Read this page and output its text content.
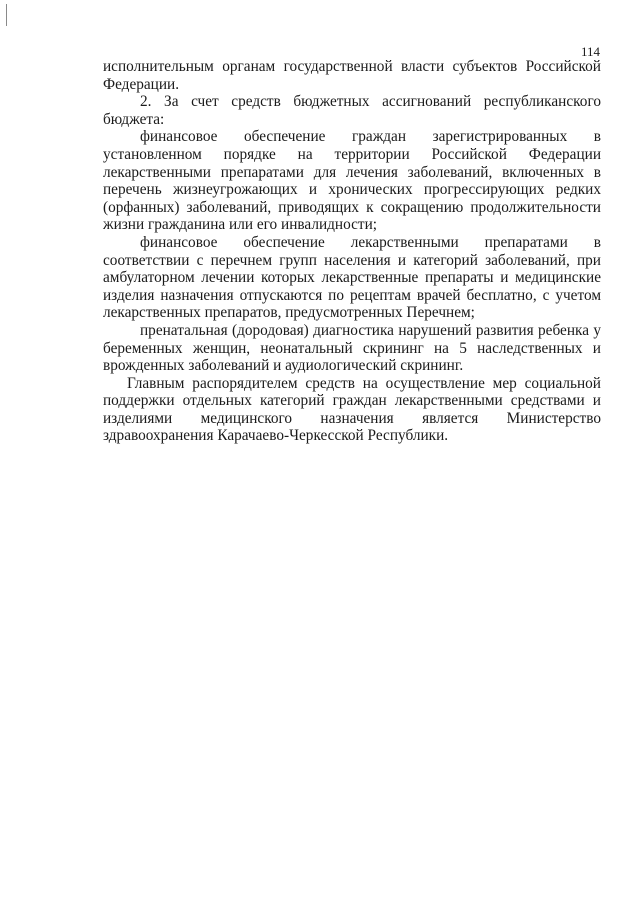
114

исполнительным органам государственной власти субъектов Российской Федерации.

2. За счет средств бюджетных ассигнований республиканского бюджета:

финансовое обеспечение граждан зарегистрированных в установленном порядке на территории Российской Федерации лекарственными препаратами для лечения заболеваний, включенных в перечень жизнеугрожающих и хронических прогрессирующих редких (орфанных) заболеваний, приводящих к сокращению продолжительности жизни гражданина или его инвалидности;

финансовое обеспечение лекарственными препаратами в соответствии с перечнем групп населения и категорий заболеваний, при амбулаторном лечении которых лекарственные препараты и медицинские изделия назначения отпускаются по рецептам врачей бесплатно, с учетом лекарственных препаратов, предусмотренных Перечнем;

пренатальная (дородовая) диагностика нарушений развития ребенка у беременных женщин, неонатальный скрининг на 5 наследственных и врожденных заболеваний и аудиологический скрининг.

Главным распорядителем средств на осуществление мер социальной поддержки отдельных категорий граждан лекарственными средствами и изделиями медицинского назначения является Министерство здравоохранения Карачаево-Черкесской Республики.
